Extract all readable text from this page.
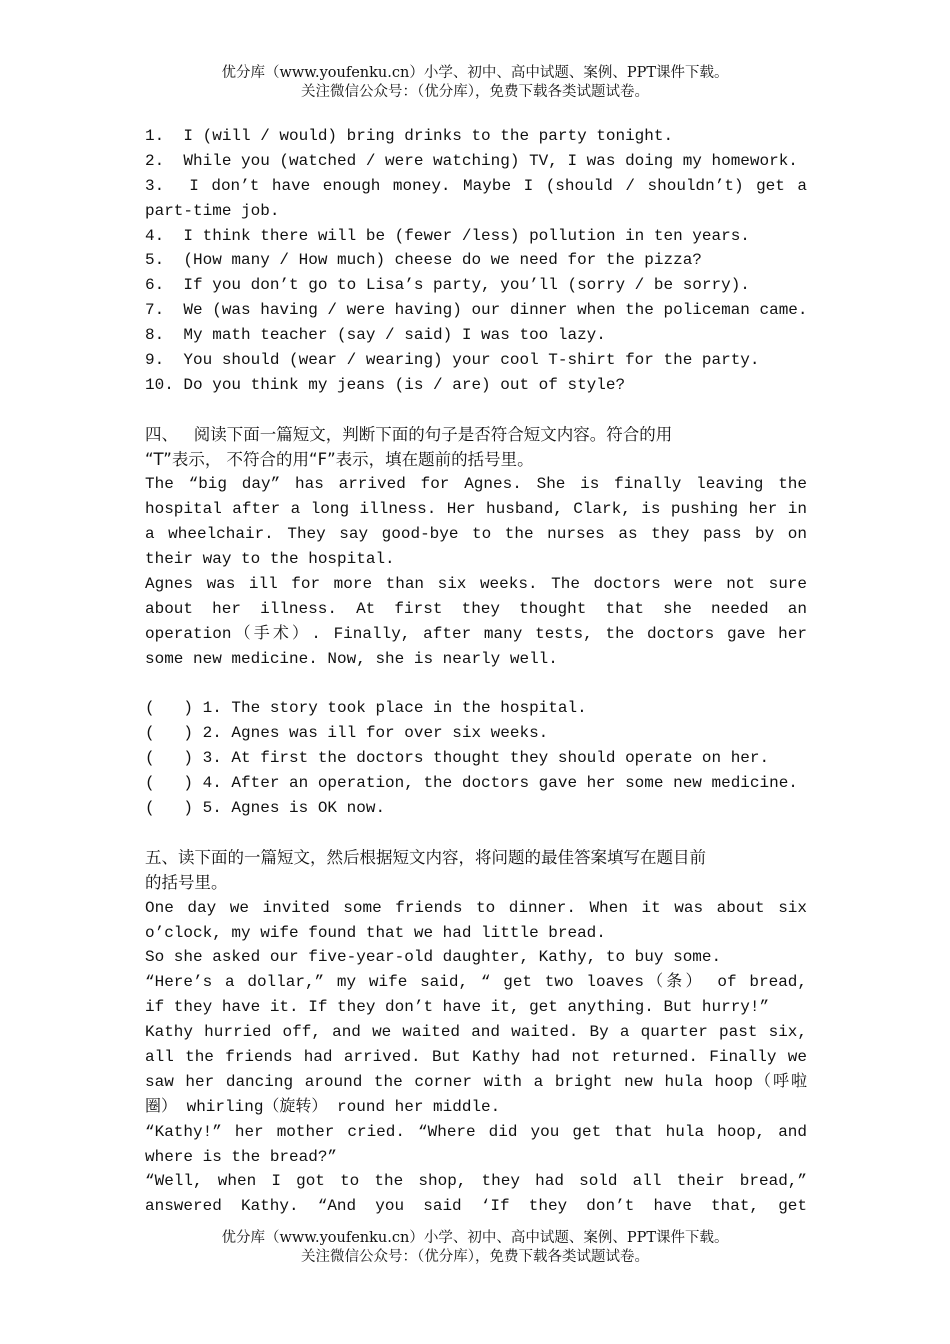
优分库（www.youfenku.cn）小学、初中、高中试题、案例、PPT课件下载。
关注微信公众号：（优分库），免费下载各类试题试卷。
1.  I (will / would) bring drinks to the party tonight.
2.  While you (watched / were watching) TV, I was doing my homework.
3.  I don’t have enough money. Maybe I (should / shouldn’t) get a
part-time job.
4.  I think there will be (fewer /less) pollution in ten years.
5.  (How many / How much) cheese do we need for the pizza?
6.  If you don’t go to Lisa’s party, you’ll (sorry / be sorry).
7.  We (was having / were having) our dinner when the policeman came.
8.  My math teacher (say / said) I was too lazy.
9.  You should (wear / wearing) your cool T-shirt for the party.
10. Do you think my jeans (is / are) out of style?
四、   阅读下面一篇短文，判断下面的句子是否符合短文内容。符合的用
“T”表示， 不符合的用“F”表示，填在题前的括号里。
The “big day” has arrived for Agnes. She is finally leaving the
hospital after a long illness. Her husband, Clark, is pushing her in
a wheelchair. They say good-bye to the nurses as they pass by on
their way to the hospital.
Agnes was ill for more than six weeks. The doctors were not sure
about her illness. At first they thought that she needed an
operation（手术）. Finally, after many tests, the doctors gave her
some new medicine. Now, she is nearly well.
(   ) 1. The story took place in the hospital.
(   ) 2. Agnes was ill for over six weeks.
(   ) 3. At first the doctors thought they should operate on her.
(   ) 4. After an operation, the doctors gave her some new medicine.
(   ) 5. Agnes is OK now.
五、读下面的一篇短文，然后根据短文内容，将问题的最佳答案填写在题目前
的括号里。
One day we invited some friends to dinner. When it was about six
o’clock, my wife found that we had little bread.
So she asked our five-year-old daughter, Kathy, to buy some.
“Here’s a dollar,” my wife said, “ get two loaves（条） of bread,
if they have it. If they don’t have it, get anything. But hurry!”
Kathy hurried off, and we waited and waited. By a quarter past six,
all the friends had arrived. But Kathy had not returned. Finally we
saw her dancing around the corner with a bright new hula hoop（呼啦
圈） whirling（旋转） round her middle.
“Kathy!” her mother cried. “Where did you get that hula hoop, and
where is the bread?”
“Well, when I got to the shop, they had sold all their bread,”
answered Kathy. “And you said ‘If they don’t have that, get
优分库（www.youfenku.cn）小学、初中、高中试题、案例、PPT课件下载。
关注微信公众号：（优分库），免费下载各类试题试卷。
